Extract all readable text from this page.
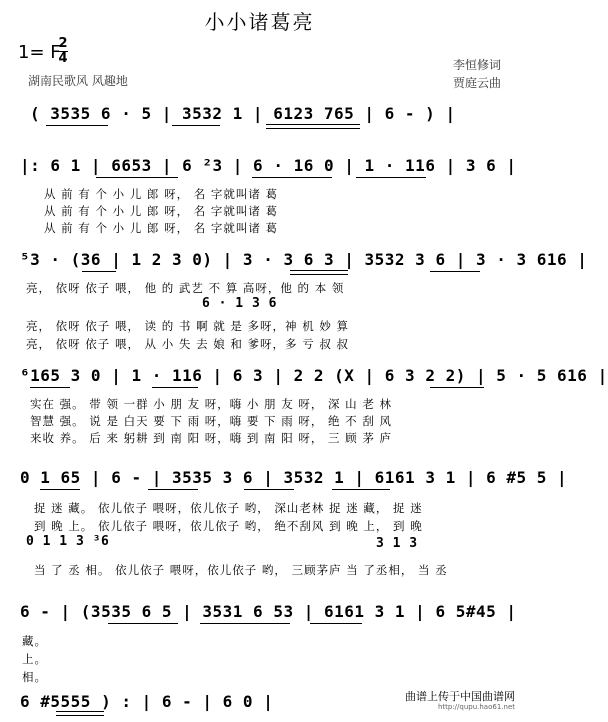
小小诸葛亮
1= F
2
4
湖南民歌风 风趣地
李恒修词
贾庭云曲
( 3535 6 · 5 | 3532 1 | 6123 765 | 6 - ) |
|: 6 1 | 6653 | 6 ²3 | 6 · 16 0 | 1 · 116 | 3 6 |
从 前 有 个 小 儿 郎 呀， 名 字就叫诸 葛
从 前 有 个 小 儿 郎 呀， 名 字就叫诸 葛
从 前 有 个 小 儿 郎 呀， 名 字就叫诸 葛
⁵3 · (36 | 1 2 3 0) | 3 · 3 6 3 | 3532 3 6 | 3 · 3 616 |
亮， 依呀 依子 喂， 他 的 武艺 不 算 高呀，他 的 本 领
6 · 1 3 6
亮， 依呀 依子 喂， 读 的 书 啊 就 是 多呀，神 机 妙 算
亮， 依呀 依子 喂， 从 小 失 去 娘 和 爹呀，多 亏 叔 叔
⁶165 3 0 | 1 · 116 | 6 3 | 2 2 (X | 6 3 2 2) | 5 · 5 616 |
实在 强。 带 领 一群 小 朋 友 呀，嗨 小 朋 友 呀， 深 山 老 林
智慧 强。 说 是 白天 要 下 雨 呀，嗨 要 下 雨 呀， 绝 不 刮 风
来收 养。 后 来 躬耕 到 南 阳 呀，嗨 到 南 阳 呀， 三 顾 茅 庐
0 1 65 | 6 - | 3535 3 6 | 3532 1 | 6161 3 1 | 6 #5 5 |
捉 迷 藏。 依儿依子 喂呀，依儿依子 哟， 深山老林 捉 迷 藏， 捉 迷
到 晚 上。 依儿依子 喂呀，依儿依子 哟， 绝不刮风 到 晚 上， 到 晚
0 1 1 3 ³6	3 1 3
当 了 丞 相。 依儿依子 喂呀，依儿依子 哟， 三顾茅庐 当 了丞相， 当 丞
6 - | (3535 6 5 | 3531 6 53 | 6161 3 1 | 6 5#45 |
藏。
上。
相。
6 #5555 ) : | 6 - | 6 0 |	曲谱上传于中国曲谱网
http://qupu.hao61.net
